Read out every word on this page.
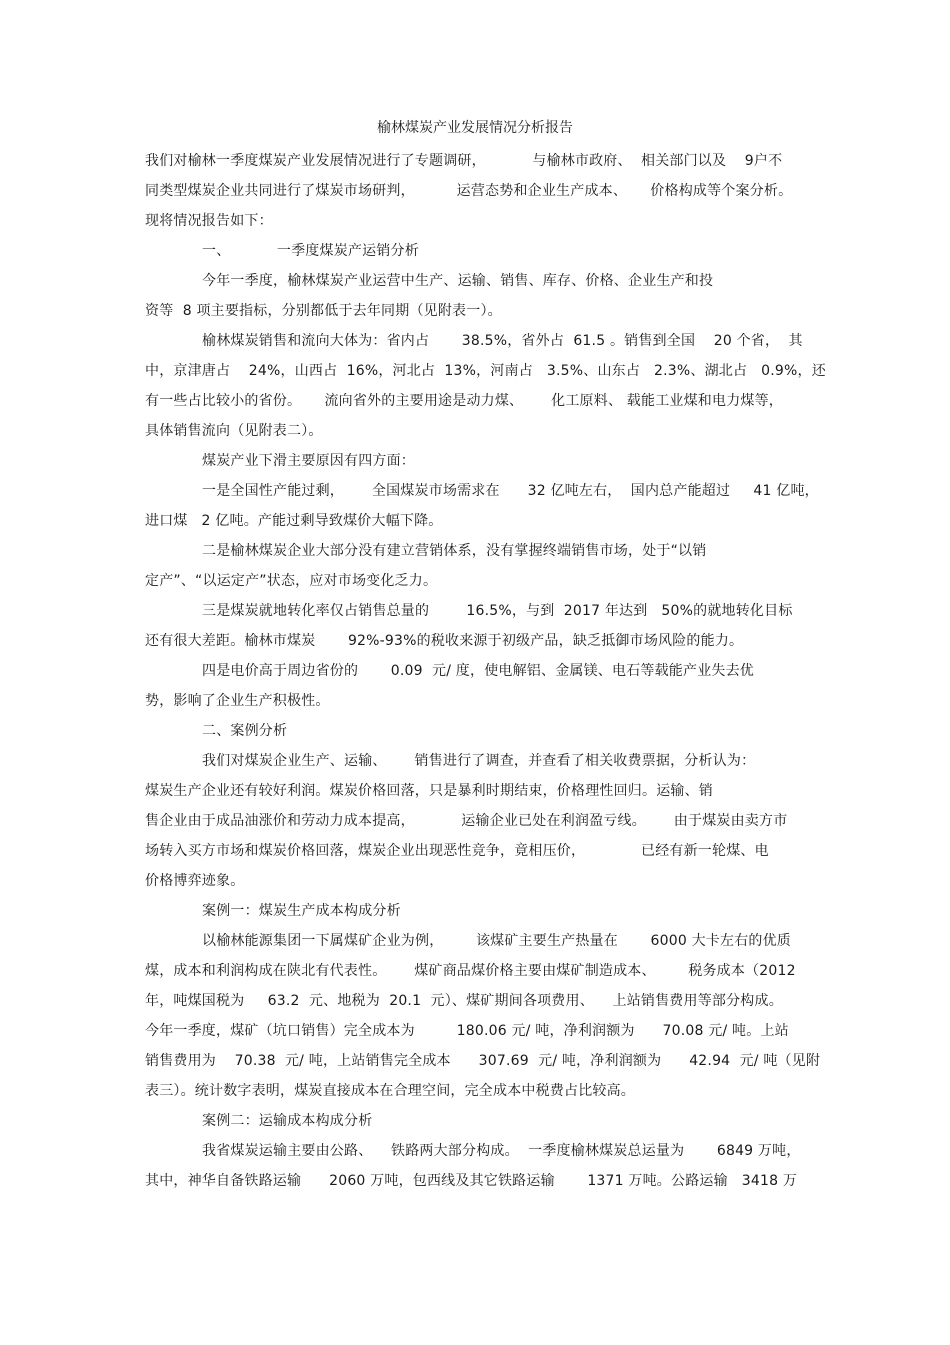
榆林煤炭产业发展情况分析报告
我们对榆林一季度煤炭产业发展情况进行了专题调研，          与榆林市政府、  相关部门以及    9户不
同类型煤炭企业共同进行了煤炭市场研判，         运营态势和企业生产成本、     价格构成等个案分析。
现将情况报告如下：
一、          一季度煤炭产运销分析
今年一季度，榆林煤炭产业运营中生产、运输、销售、库存、价格、企业生产和投
资等  8 项主要指标，分别都低于去年同期（见附表一）。
榆林煤炭销售和流向大体为：省内占       38.5%，省外占  61.5 。销售到全国    20 个省，  其
中，京津唐占    24%，山西占  16%，河北占  13%，河南占   3.5%、山东占   2.3%、湖北占   0.9%，还
有一些占比较小的省份。     流向省外的主要用途是动力煤、      化工原料、 载能工业煤和电力煤等，
具体销售流向（见附表二）。
煤炭产业下滑主要原因有四方面：
一是全国性产能过剩，      全国煤炭市场需求在      32 亿吨左右，  国内总产能超过     41 亿吨，
进口煤   2 亿吨。产能过剩导致煤价大幅下降。
二是榆林煤炭企业大部分没有建立营销体系，没有掌握终端销售市场，处于“以销
定产”、“以运定产”状态，应对市场变化乏力。
三是煤炭就地转化率仅占销售总量的        16.5%，与到  2017 年达到   50%的就地转化目标
还有很大差距。榆林市煤炭       92%-93%的税收来源于初级产品，缺乏抵御市场风险的能力。
四是电价高于周边省份的       0.09  元/ 度，使电解铝、金属镁、电石等载能产业失去优
势，影响了企业生产积极性。
二、案例分析
我们对煤炭企业生产、运输、      销售进行了调查，并查看了相关收费票据，分析认为：
煤炭生产企业还有较好利润。煤炭价格回落，只是暴利时期结束，价格理性回归。运输、销
售企业由于成品油涨价和劳动力成本提高，          运输企业已处在利润盈亏线。      由于煤炭由卖方市
场转入买方市场和煤炭价格回落，煤炭企业出现恶性竞争，竟相压价，            已经有新一轮煤、电
价格博弈迹象。
案例一：煤炭生产成本构成分析
以榆林能源集团一下属煤矿企业为例，       该煤矿主要生产热量在       6000 大卡左右的优质
煤，成本和利润构成在陕北有代表性。      煤矿商品煤价格主要由煤矿制造成本、       税务成本（2012
年，吨煤国税为     63.2  元、地税为  20.1  元）、煤矿期间各项费用、    上站销售费用等部分构成。
今年一季度，煤矿（坑口销售）完全成本为         180.06 元/ 吨，净利润额为      70.08 元/ 吨。上站
销售费用为    70.38  元/ 吨，上站销售完全成本      307.69  元/ 吨，净利润额为      42.94  元/ 吨（见附
表三）。统计数字表明，煤炭直接成本在合理空间，完全成本中税费占比较高。
案例二：运输成本构成分析
我省煤炭运输主要由公路、    铁路两大部分构成。  一季度榆林煤炭总运量为       6849 万吨，
其中，神华自备铁路运输      2060 万吨，包西线及其它铁路运输       1371 万吨。公路运输   3418 万
